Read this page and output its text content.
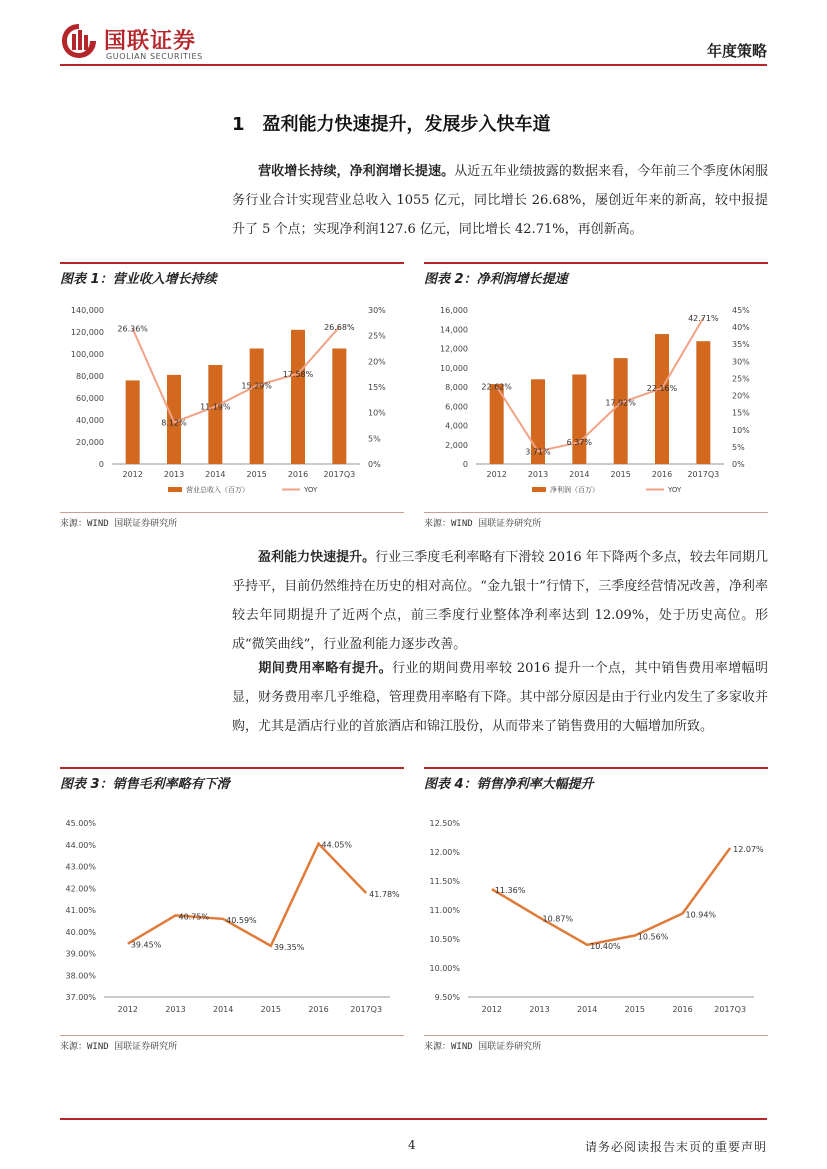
国联证券
GUOLIAN SECURITIES	年度策略
1 盈利能力快速提升，发展步入快车道
营收增长持续，净利润增长提速。从近五年业绩披露的数据来看，今年前三个季度休闲服务行业合计实现营业总收入 1055 亿元，同比增长 26.68%，屡创近年来的新高，较中报提升了 5 个点；实现净利润127.6 亿元，同比增长 42.71%，再创新高。
图表 1：营业收入增长持续
0
20,000
40,000
60,000
80,000
100,000
120,000
140,000
0%
5%
10%
15%
20%
25%
30%
2012	2013	2014	2015	2016 2017Q3
26.36%
8.12%
11.19%
15.29%
17.58%
26.68%
营业总收入（百万）	YOY
来源：WIND 国联证券研究所
图表 2：净利润增长提速
0
2,000
4,000
6,000
8,000
10,000
12,000
14,000
16,000
0%
5%
10%
15%
20%
25%
30%
35%
40%
45%
2012	2013	2014	2015	2016 2017Q3
22.62%
3.71%
6.37%
17.92%
22.16%
42.71%
净利润（百万）	YOY
来源：WIND 国联证券研究所
盈利能力快速提升。行业三季度毛利率略有下滑较 2016 年下降两个多点，较去年同期几乎持平，目前仍然维持在历史的相对高位。“金九银十”行情下，三季度经营情况改善，净利率较去年同期提升了近两个点，前三季度行业整体净利率达到 12.09%，处于历史高位。形成“微笑曲线”，行业盈利能力逐步改善。
期间费用率略有提升。行业的期间费用率较 2016 提升一个点，其中销售费用率增幅明显，财务费用率几乎维稳，管理费用率略有下降。其中部分原因是由于行业内发生了多家收并购，尤其是酒店行业的首旅酒店和锦江股份，从而带来了销售费用的大幅增加所致。
图表 3：销售毛利率略有下滑
37.00%
38.00%
39.00%
40.00%
41.00%
42.00%
43.00%
44.00%
45.00%
2012	2013	2014	2015	2016	2017Q3
39.45%
40.75% 40.59%
39.35%
44.05%
41.78%
来源：WIND 国联证券研究所
图表 4：销售净利率大幅提升
9.50%
10.00%
10.50%
11.00%
11.50%
12.00%
12.50%
2012	2013	2014	2015	2016	2017Q3
11.36%
10.87%
10.40%
10.56%
10.94%
12.07%
来源：WIND 国联证券研究所
4	请务必阅读报告末页的重要声明
